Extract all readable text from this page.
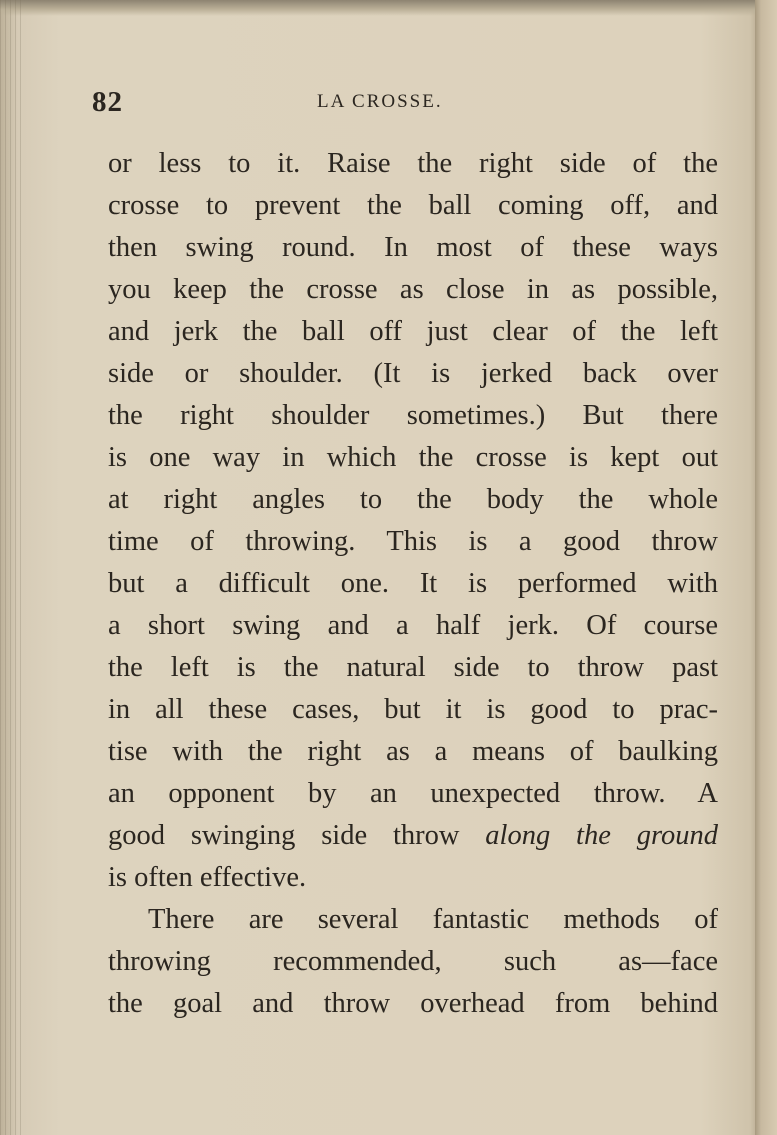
82	LA CROSSE.
or less to it. Raise the right side of the
crosse to prevent the ball coming off, and
then swing round. In most of these ways
you keep the crosse as close in as possible,
and jerk the ball off just clear of the left
side or shoulder. (It is jerked back over
the right shoulder sometimes.) But there
is one way in which the crosse is kept out
at right angles to the body the whole
time of throwing. This is a good throw
but a difficult one. It is performed with
a short swing and a half jerk. Of course
the left is the natural side to throw past
in all these cases, but it is good to prac-
tise with the right as a means of baulking
an opponent by an unexpected throw. A
good swinging side throw along the ground
is often effective.
There are several fantastic methods of
throwing recommended, such as—face
the goal and throw overhead from behind
